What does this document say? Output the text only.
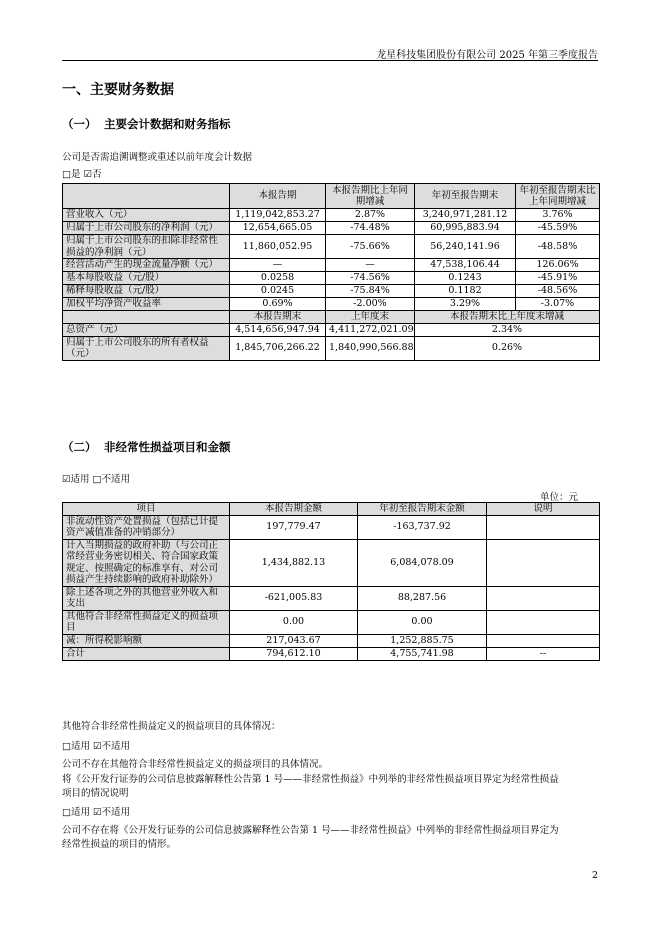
龙星科技集团股份有限公司 2025 年第三季度报告
一、主要财务数据
（一） 主要会计数据和财务指标
公司是否需追溯调整或重述以前年度会计数据
□是 ☑否
	本报告期	本报告期比上年同期增减	年初至报告期末	年初至报告期末比上年同期增减
营业收入（元）	1,119,042,853.27	2.87%	3,240,971,281.12	3.76%
归属于上市公司股东的净利润（元）	12,654,665.05	-74.48%	60,995,883.94	-45.59%
归属于上市公司股东的扣除非经常性损益的净利润（元）	11,860,052.95	-75.66%	56,240,141.96	-48.58%
经营活动产生的现金流量净额（元）	—	—	47,538,106.44	126.06%
基本每股收益（元/股）	0.0258	-74.56%	0.1243	-45.91%
稀释每股收益（元/股）	0.0245	-75.84%	0.1182	-48.56%
加权平均净资产收益率	0.69%	-2.00%	3.29%	-3.07%
	本报告期末	上年度末	本报告期末比上年度末增减	
总资产（元）	4,514,656,947.94	4,411,272,021.09	2.34%	
归属于上市公司股东的所有者权益（元）	1,845,706,266.22	1,840,990,566.88	0.26%	
（二） 非经常性损益项目和金额
☑适用 □不适用
单位：元
项目	本报告期金额	年初至报告期末金额	说明
非流动性资产处置损益（包括已计提资产减值准备的冲销部分）	197,779.47	-163,737.92	
计入当期损益的政府补助（与公司正常经营业务密切相关、符合国家政策规定、按照确定的标准享有、对公司损益产生持续影响的政府补助除外）	1,434,882.13	6,084,078.09	
除上述各项之外的其他营业外收入和支出	-621,005.83	88,287.56	
其他符合非经常性损益定义的损益项目	0.00	0.00	
减：所得税影响额	217,043.67	1,252,885.75	
合计	794,612.10	4,755,741.98	--
其他符合非经常性损益定义的损益项目的具体情况：
□适用 ☑不适用
公司不存在其他符合非经常性损益定义的损益项目的具体情况。
将《公开发行证券的公司信息披露解释性公告第 1 号——非经常性损益》中列举的非经常性损益项目界定为经常性损益
项目的情况说明
□适用 ☑不适用
公司不存在将《公开发行证券的公司信息披露解释性公告第 1 号——非经常性损益》中列举的非经常性损益项目界定为
经常性损益的项目的情形。
2
